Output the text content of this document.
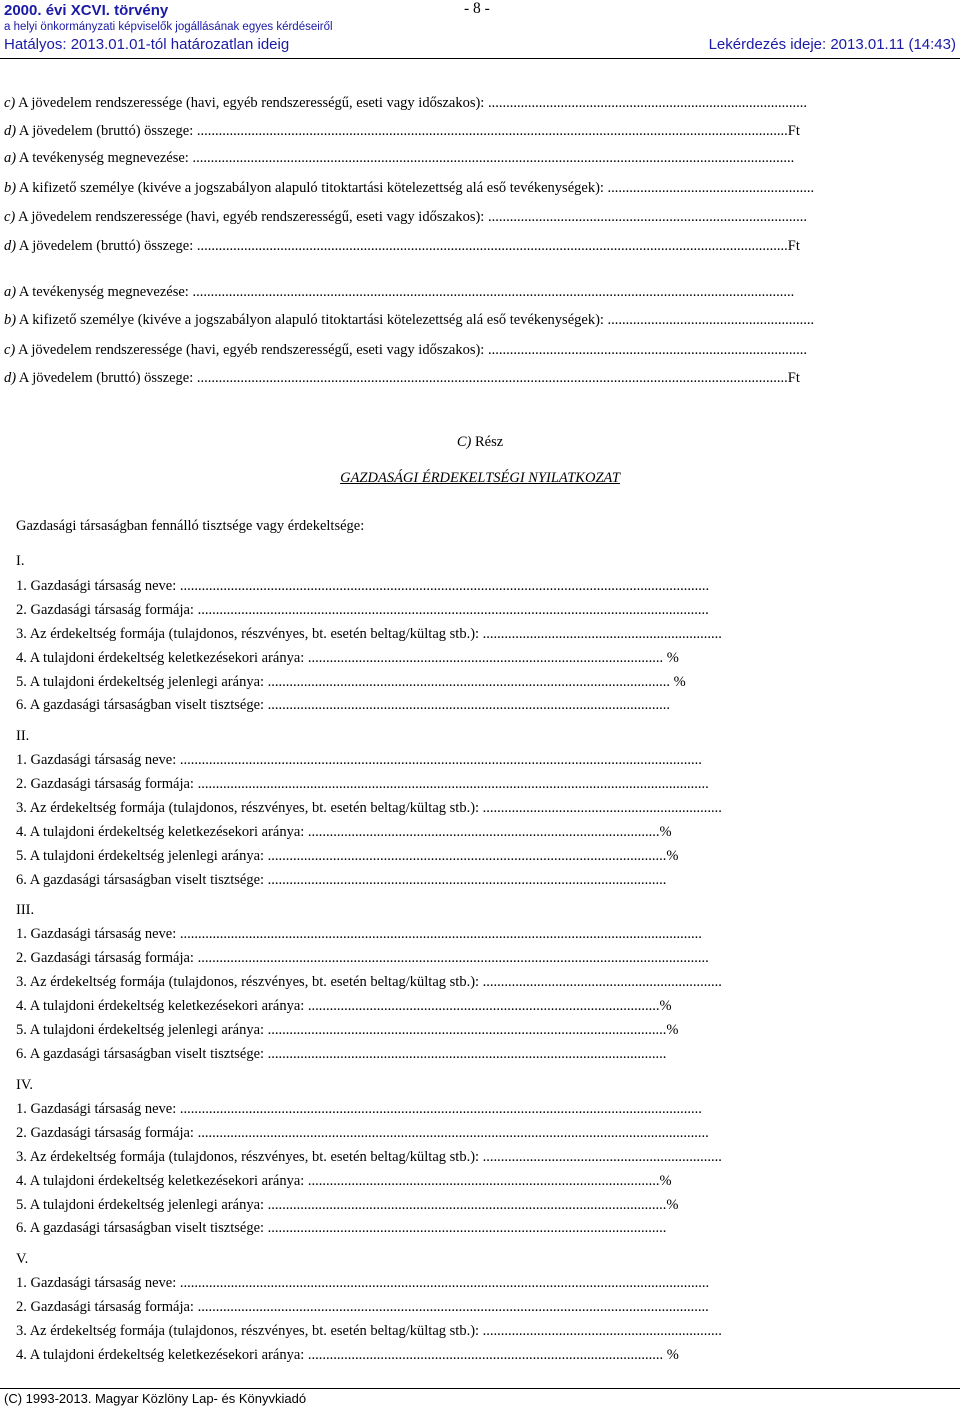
2000. évi XCVI. törvény	- 8 -
a helyi önkormányzati képviselők jogállásának egyes kérdéseiről
Hatályos: 2013.01.01-tól határozatlan ideig	Lekérdezés ideje: 2013.01.11 (14:43)
c) A jövedelem rendszeressége (havi, egyéb rendszerességű, eseti vagy időszakos): ........................................................................................
d) A jövedelem (bruttó) összege: ...................................................................................................................................................................Ft
a) A tevékenység megnevezése: ......................................................................................................................................................................
b) A kifizető személye (kivéve a jogszabályon alapuló titoktartási kötelezettség alá eső tevékenységek): .........................................................
c) A jövedelem rendszeressége (havi, egyéb rendszerességű, eseti vagy időszakos): ........................................................................................
d) A jövedelem (bruttó) összege: ...................................................................................................................................................................Ft
a) A tevékenység megnevezése: ......................................................................................................................................................................
b) A kifizető személye (kivéve a jogszabályon alapuló titoktartási kötelezettség alá eső tevékenységek): .........................................................
c) A jövedelem rendszeressége (havi, egyéb rendszerességű, eseti vagy időszakos): ........................................................................................
d) A jövedelem (bruttó) összege: ...................................................................................................................................................................Ft
C) Rész
GAZDASÁGI ÉRDEKELTSÉGI NYILATKOZAT
Gazdasági társaságban fennálló tisztsége vagy érdekeltsége:
I.
1. Gazdasági társaság neve: ..................................................................................................................................................
2. Gazdasági társaság formája: .............................................................................................................................................
3. Az érdekeltség formája (tulajdonos, részvényes, bt. esetén beltag/kültag stb.): ..................................................................
4. A tulajdoni érdekeltség keletkezésekori aránya: .................................................................................................. %
5. A tulajdoni érdekeltség jelenlegi aránya: ............................................................................................................... %
6. A gazdasági társaságban viselt tisztsége: ...............................................................................................................
II.
1. Gazdasági társaság neve: ................................................................................................................................................
2. Gazdasági társaság formája: .............................................................................................................................................
3. Az érdekeltség formája (tulajdonos, részvényes, bt. esetén beltag/kültag stb.): ..................................................................
4. A tulajdoni érdekeltség keletkezésekori aránya: .................................................................................................%
5. A tulajdoni érdekeltség jelenlegi aránya: ..............................................................................................................%
6. A gazdasági társaságban viselt tisztsége: ..............................................................................................................
III.
1. Gazdasági társaság neve: ................................................................................................................................................
2. Gazdasági társaság formája: .............................................................................................................................................
3. Az érdekeltség formája (tulajdonos, részvényes, bt. esetén beltag/kültag stb.): ..................................................................
4. A tulajdoni érdekeltség keletkezésekori aránya: .................................................................................................%
5. A tulajdoni érdekeltség jelenlegi aránya: ..............................................................................................................%
6. A gazdasági társaságban viselt tisztsége: ..............................................................................................................
IV.
1. Gazdasági társaság neve: ................................................................................................................................................
2. Gazdasági társaság formája: .............................................................................................................................................
3. Az érdekeltség formája (tulajdonos, részvényes, bt. esetén beltag/kültag stb.): ..................................................................
4. A tulajdoni érdekeltség keletkezésekori aránya: .................................................................................................%
5. A tulajdoni érdekeltség jelenlegi aránya: ..............................................................................................................%
6. A gazdasági társaságban viselt tisztsége: ..............................................................................................................
V.
1. Gazdasági társaság neve: ..................................................................................................................................................
2. Gazdasági társaság formája: .............................................................................................................................................
3. Az érdekeltség formája (tulajdonos, részvényes, bt. esetén beltag/kültag stb.): ..................................................................
4. A tulajdoni érdekeltség keletkezésekori aránya: .................................................................................................. %
(C) 1993-2013. Magyar Közlöny Lap- és Könyvkiadó
